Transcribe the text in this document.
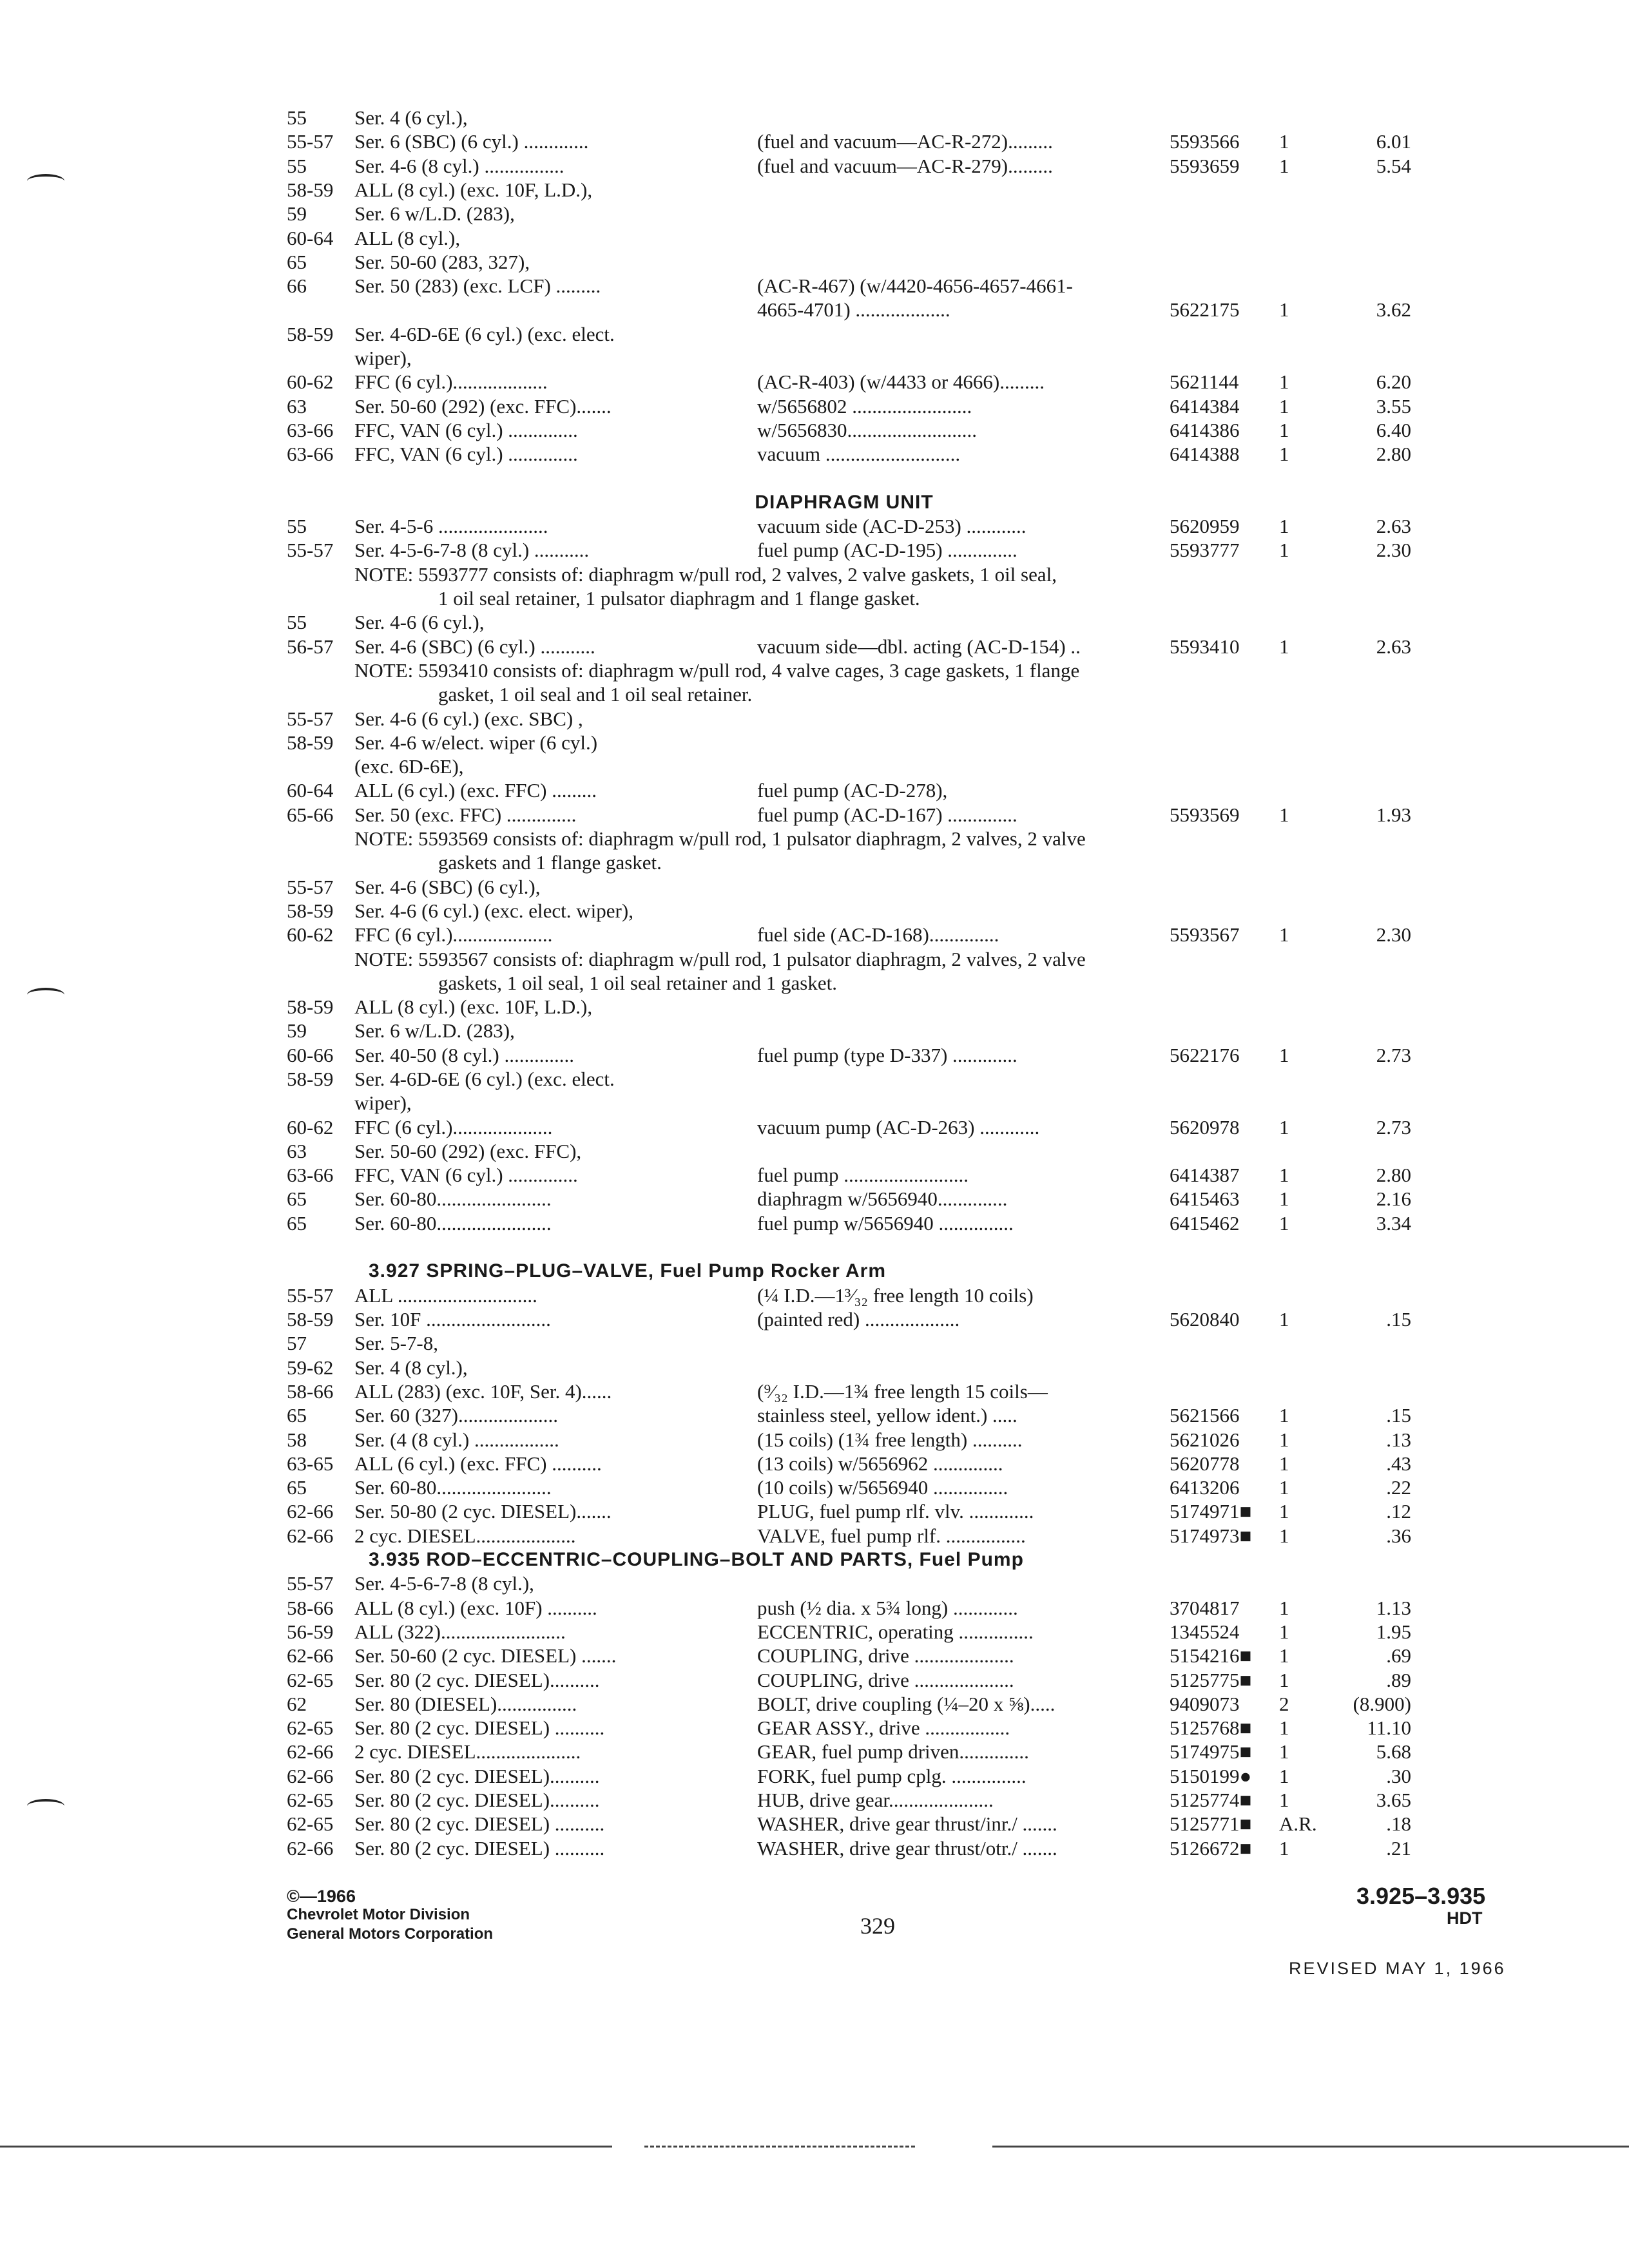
55	Ser. 4 (6 cyl.),
55-57	Ser. 6 (SBC) (6 cyl.) .............	(fuel and vacuum—AC-R-272).........	5593566	1	6.01
55	Ser. 4-6 (8 cyl.) ................	(fuel and vacuum—AC-R-279).........	5593659	1	5.54
58-59	ALL (8 cyl.) (exc. 10F, L.D.),
59	Ser. 6 w/L.D. (283),
60-64	ALL (8 cyl.),
65	Ser. 50-60 (283, 327),
66	Ser. 50 (283) (exc. LCF) .........	(AC-R-467) (w/4420-4656-4657-4661-
4665-4701) ...................	5622175	1	3.62
58-59	Ser. 4-6D-6E (6 cyl.) (exc. elect.
wiper),
60-62	FFC (6 cyl.)...................	(AC-R-403) (w/4433 or 4666).........	5621144	1	6.20
63	Ser. 50-60 (292) (exc. FFC).......	w/5656802 ........................	6414384	1	3.55
63-66	FFC, VAN (6 cyl.) ..............	w/5656830..........................	6414386	1	6.40
63-66	FFC, VAN (6 cyl.) ..............	vacuum ...........................	6414388	1	2.80
DIAPHRAGM UNIT
55	Ser. 4-5-6 ......................	vacuum side (AC-D-253) ............	5620959	1	2.63
55-57	Ser. 4-5-6-7-8 (8 cyl.) ...........	fuel pump (AC-D-195) ..............	5593777	1	2.30
NOTE: 5593777 consists of: diaphragm w/pull rod, 2 valves, 2 valve gaskets, 1 oil seal,
1 oil seal retainer, 1 pulsator diaphragm and 1 flange gasket.
55	Ser. 4-6 (6 cyl.),
56-57	Ser. 4-6 (SBC) (6 cyl.) ...........	vacuum side—dbl. acting (AC-D-154) ..	5593410	1	2.63
NOTE: 5593410 consists of: diaphragm w/pull rod, 4 valve cages, 3 cage gaskets, 1 flange
gasket, 1 oil seal and 1 oil seal retainer.
55-57	Ser. 4-6 (6 cyl.) (exc. SBC) ,
58-59	Ser. 4-6 w/elect. wiper (6 cyl.)
(exc. 6D-6E),
60-64	ALL (6 cyl.) (exc. FFC) .........	fuel pump (AC-D-278),
65-66	Ser. 50 (exc. FFC) ..............	fuel pump (AC-D-167) ..............	5593569	1	1.93
NOTE: 5593569 consists of: diaphragm w/pull rod, 1 pulsator diaphragm, 2 valves, 2 valve
gaskets and 1 flange gasket.
55-57	Ser. 4-6 (SBC) (6 cyl.),
58-59	Ser. 4-6 (6 cyl.) (exc. elect. wiper),
60-62	FFC (6 cyl.)....................	fuel side (AC-D-168)..............	5593567	1	2.30
NOTE: 5593567 consists of: diaphragm w/pull rod, 1 pulsator diaphragm, 2 valves, 2 valve
gaskets, 1 oil seal, 1 oil seal retainer and 1 gasket.
58-59	ALL (8 cyl.) (exc. 10F, L.D.),
59	Ser. 6 w/L.D. (283),
60-66	Ser. 40-50 (8 cyl.) ..............	fuel pump (type D-337) .............	5622176	1	2.73
58-59	Ser. 4-6D-6E (6 cyl.) (exc. elect.
wiper),
60-62	FFC (6 cyl.)....................	vacuum pump (AC-D-263) ............	5620978	1	2.73
63	Ser. 50-60 (292) (exc. FFC),
63-66	FFC, VAN (6 cyl.) ..............	fuel pump .........................	6414387	1	2.80
65	Ser. 60-80.......................	diaphragm w/5656940..............	6415463	1	2.16
65	Ser. 60-80.......................	fuel pump w/5656940 ...............	6415462	1	3.34
3.927 SPRING–PLUG–VALVE, Fuel Pump Rocker Arm
55-57	ALL ............................	(¼ I.D.—1³⁄₃₂ free length 10 coils)
58-59	Ser. 10F .........................	(painted red) ...................	5620840	1	.15
57	Ser. 5-7-8,
59-62	Ser. 4 (8 cyl.),
58-66	ALL (283) (exc. 10F, Ser. 4)......	(⁹⁄₃₂ I.D.—1¾ free length 15 coils—
65	Ser. 60 (327)....................	stainless steel, yellow ident.) .....	5621566	1	.15
58	Ser. (4 (8 cyl.) .................	(15 coils) (1¾ free length) ..........	5621026	1	.13
63-65	ALL (6 cyl.) (exc. FFC) ..........	(13 coils) w/5656962 ..............	5620778	1	.43
65	Ser. 60-80.......................	(10 coils) w/5656940 ...............	6413206	1	.22
62-66	Ser. 50-80 (2 cyc. DIESEL).......	PLUG, fuel pump rlf. vlv. .............	5174971■	1	.12
62-66	2 cyc. DIESEL....................	VALVE, fuel pump rlf. ................	5174973■	1	.36
3.935 ROD–ECCENTRIC–COUPLING–BOLT AND PARTS, Fuel Pump
55-57	Ser. 4-5-6-7-8 (8 cyl.),
58-66	ALL (8 cyl.) (exc. 10F) ..........	push (½ dia. x 5¾ long) .............	3704817	1	1.13
56-59	ALL (322).........................	ECCENTRIC, operating ...............	1345524	1	1.95
62-66	Ser. 50-60 (2 cyc. DIESEL) .......	COUPLING, drive ....................	5154216■	1	.69
62-65	Ser. 80 (2 cyc. DIESEL)..........	COUPLING, drive ....................	5125775■	1	.89
62	Ser. 80 (DIESEL)................	BOLT, drive coupling (¼–20 x ⅝).....	9409073	2	(8.900)
62-65	Ser. 80 (2 cyc. DIESEL) ..........	GEAR ASSY., drive .................	5125768■	1	11.10
62-66	2 cyc. DIESEL.....................	GEAR, fuel pump driven..............	5174975■	1	5.68
62-66	Ser. 80 (2 cyc. DIESEL)..........	FORK, fuel pump cplg. ...............	5150199●	1	.30
62-65	Ser. 80 (2 cyc. DIESEL)..........	HUB, drive gear.....................	5125774■	1	3.65
62-65	Ser. 80 (2 cyc. DIESEL) ..........	WASHER, drive gear thrust/inr./ .......	5125771■	A.R.	.18
62-66	Ser. 80 (2 cyc. DIESEL) ..........	WASHER, drive gear thrust/otr./ .......	5126672■	1	.21
©—1966
Chevrolet Motor Division
General Motors Corporation	329
3.925–3.935
HDT
REVISED MAY 1, 1966
